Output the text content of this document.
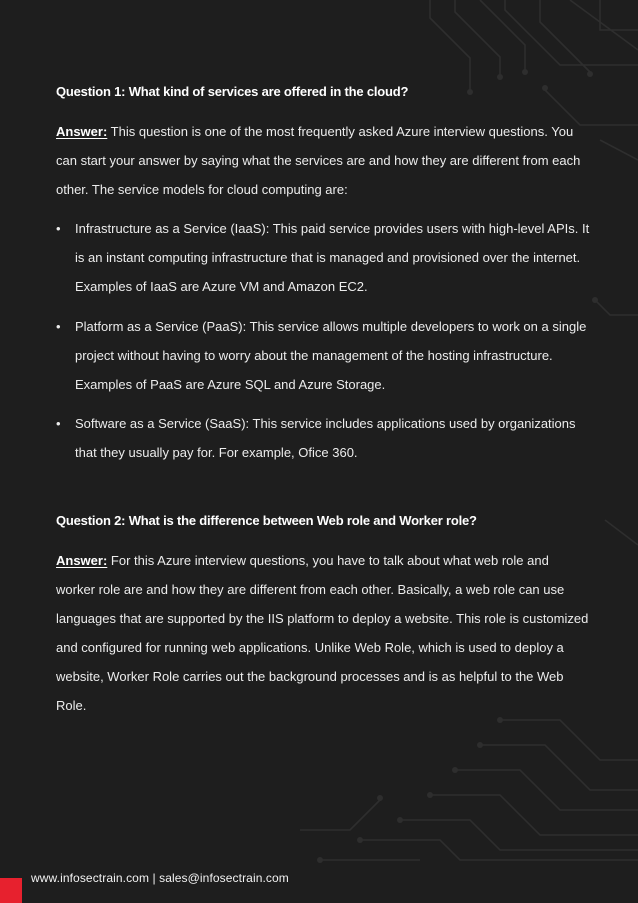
Question 1: What kind of services are offered in the cloud?
Answer: This question is one of the most frequently asked Azure interview questions. You can start your answer by saying what the services are and how they are different from each other. The service models for cloud computing are:
• Infrastructure as a Service (IaaS): This paid service provides users with high-level APIs. It is an instant computing infrastructure that is managed and provisioned over the internet. Examples of IaaS are Azure VM and Amazon EC2.
• Platform as a Service (PaaS): This service allows multiple developers to work on a single project without having to worry about the management of the hosting infrastructure. Examples of PaaS are Azure SQL and Azure Storage.
• Software as a Service (SaaS): This service includes applications used by organizations that they usually pay for. For example, Ofice 360.
Question 2: What is the difference between Web role and Worker role?
Answer: For this Azure interview questions, you have to talk about what web role and worker role are and how they are different from each other. Basically, a web role can use languages that are supported by the IIS platform to deploy a website. This role is customized and configured for running web applications. Unlike Web Role, which is used to deploy a website, Worker Role carries out the background processes and is as helpful to the Web Role.
www.infosectrain.com | sales@infosectrain.com
